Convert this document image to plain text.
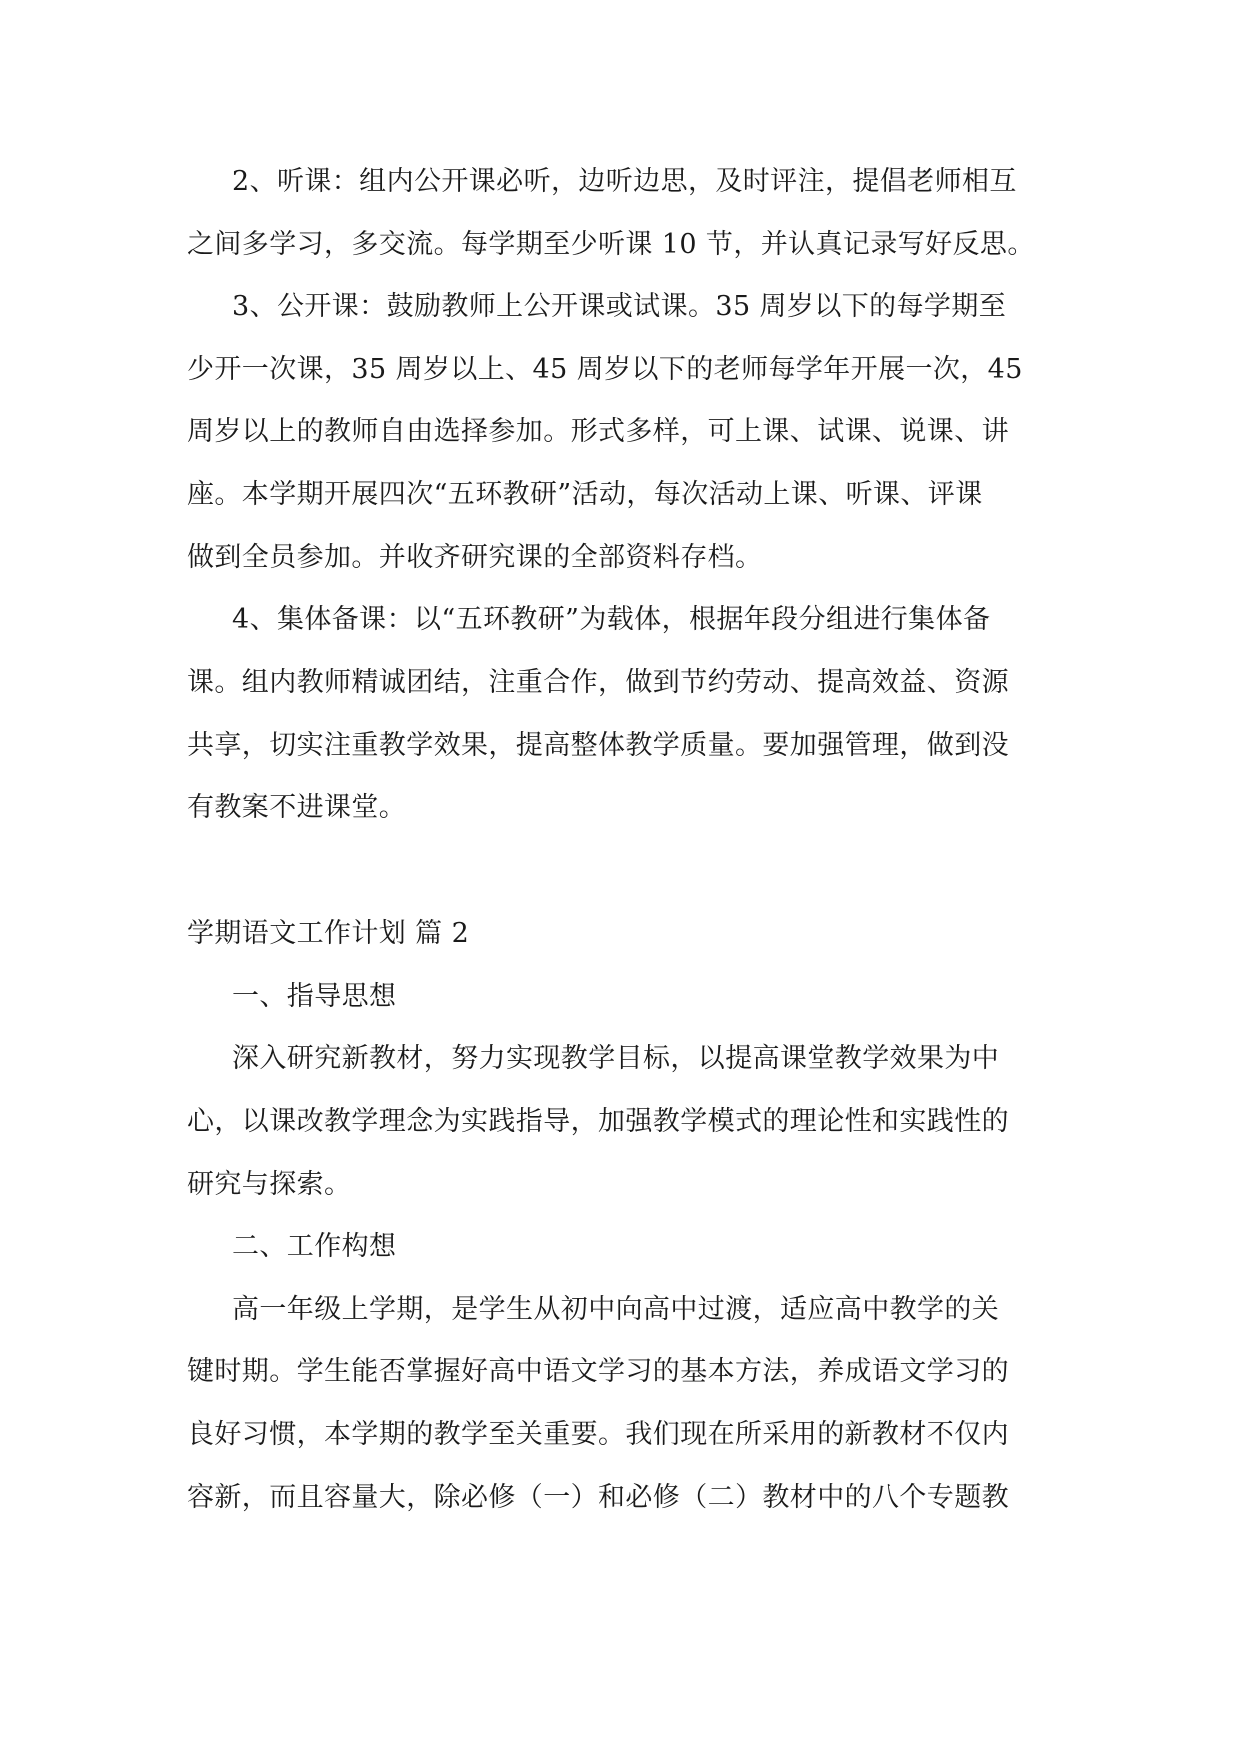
2、听课：组内公开课必听，边听边思，及时评注，提倡老师相互
之间多学习，多交流。每学期至少听课 10 节，并认真记录写好反思。
3、公开课：鼓励教师上公开课或试课。35 周岁以下的每学期至
少开一次课，35 周岁以上、45 周岁以下的老师每学年开展一次，45
周岁以上的教师自由选择参加。形式多样，可上课、试课、说课、讲
座。本学期开展四次“五环教研”活动，每次活动上课、听课、评课
做到全员参加。并收齐研究课的全部资料存档。
4、集体备课：以“五环教研”为载体，根据年段分组进行集体备
课。组内教师精诚团结，注重合作，做到节约劳动、提高效益、资源
共享，切实注重教学效果，提高整体教学质量。要加强管理，做到没
有教案不进课堂。
学期语文工作计划 篇 2
一、指导思想
深入研究新教材，努力实现教学目标，以提高课堂教学效果为中
心，以课改教学理念为实践指导，加强教学模式的理论性和实践性的
研究与探索。
二、工作构想
高一年级上学期，是学生从初中向高中过渡，适应高中教学的关
键时期。学生能否掌握好高中语文学习的基本方法，养成语文学习的
良好习惯，本学期的教学至关重要。我们现在所采用的新教材不仅内
容新，而且容量大，除必修（一）和必修（二）教材中的八个专题教
